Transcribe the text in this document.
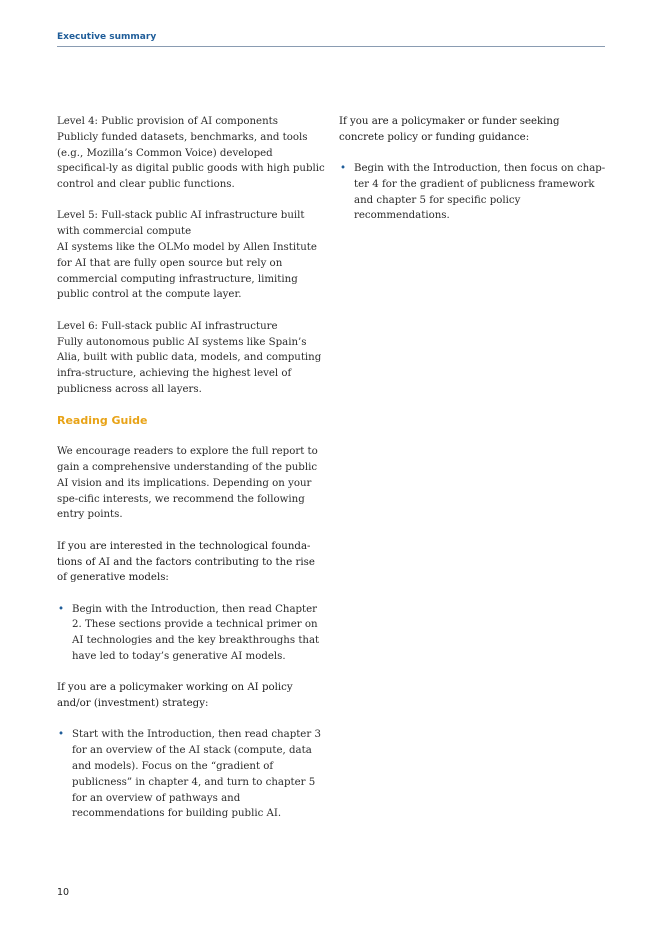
Executive summary
Level 4: Public provision of AI components
Publicly funded datasets, benchmarks, and tools (e.g., Mozilla’s Common Voice) developed specifical-ly as digital public goods with high public control and clear public functions.
Level 5: Full-stack public AI infrastructure built with commercial compute
AI systems like the OLMo model by Allen Institute for AI that are fully open source but rely on commercial computing infrastructure, limiting public control at the compute layer.
Level 6: Full-stack public AI infrastructure
Fully autonomous public AI systems like Spain’s Alia, built with public data, models, and computing infra-structure, achieving the highest level of publicness across all layers.
Reading Guide
We encourage readers to explore the full report to gain a comprehensive understanding of the public AI vision and its implications. Depending on your spe-cific interests, we recommend the following entry points.
If you are interested in the technological founda-tions of AI and the factors contributing to the rise of generative models:
• Begin with the Introduction, then read Chapter 2. These sections provide a technical primer on AI technologies and the key breakthroughs that have led to today’s generative AI models.
If you are a policymaker working on AI policy and/or (investment) strategy:
• Start with the Introduction, then read chapter 3 for an overview of the AI stack (compute, data and models). Focus on the “gradient of publicness” in chapter 4, and turn to chapter 5 for an overview of pathways and recommendations for building public AI.
If you are a policymaker or funder seeking concrete policy or funding guidance:
• Begin with the Introduction, then focus on chap-ter 4 for the gradient of publicness framework and chapter 5 for specific policy recommendations.
10
